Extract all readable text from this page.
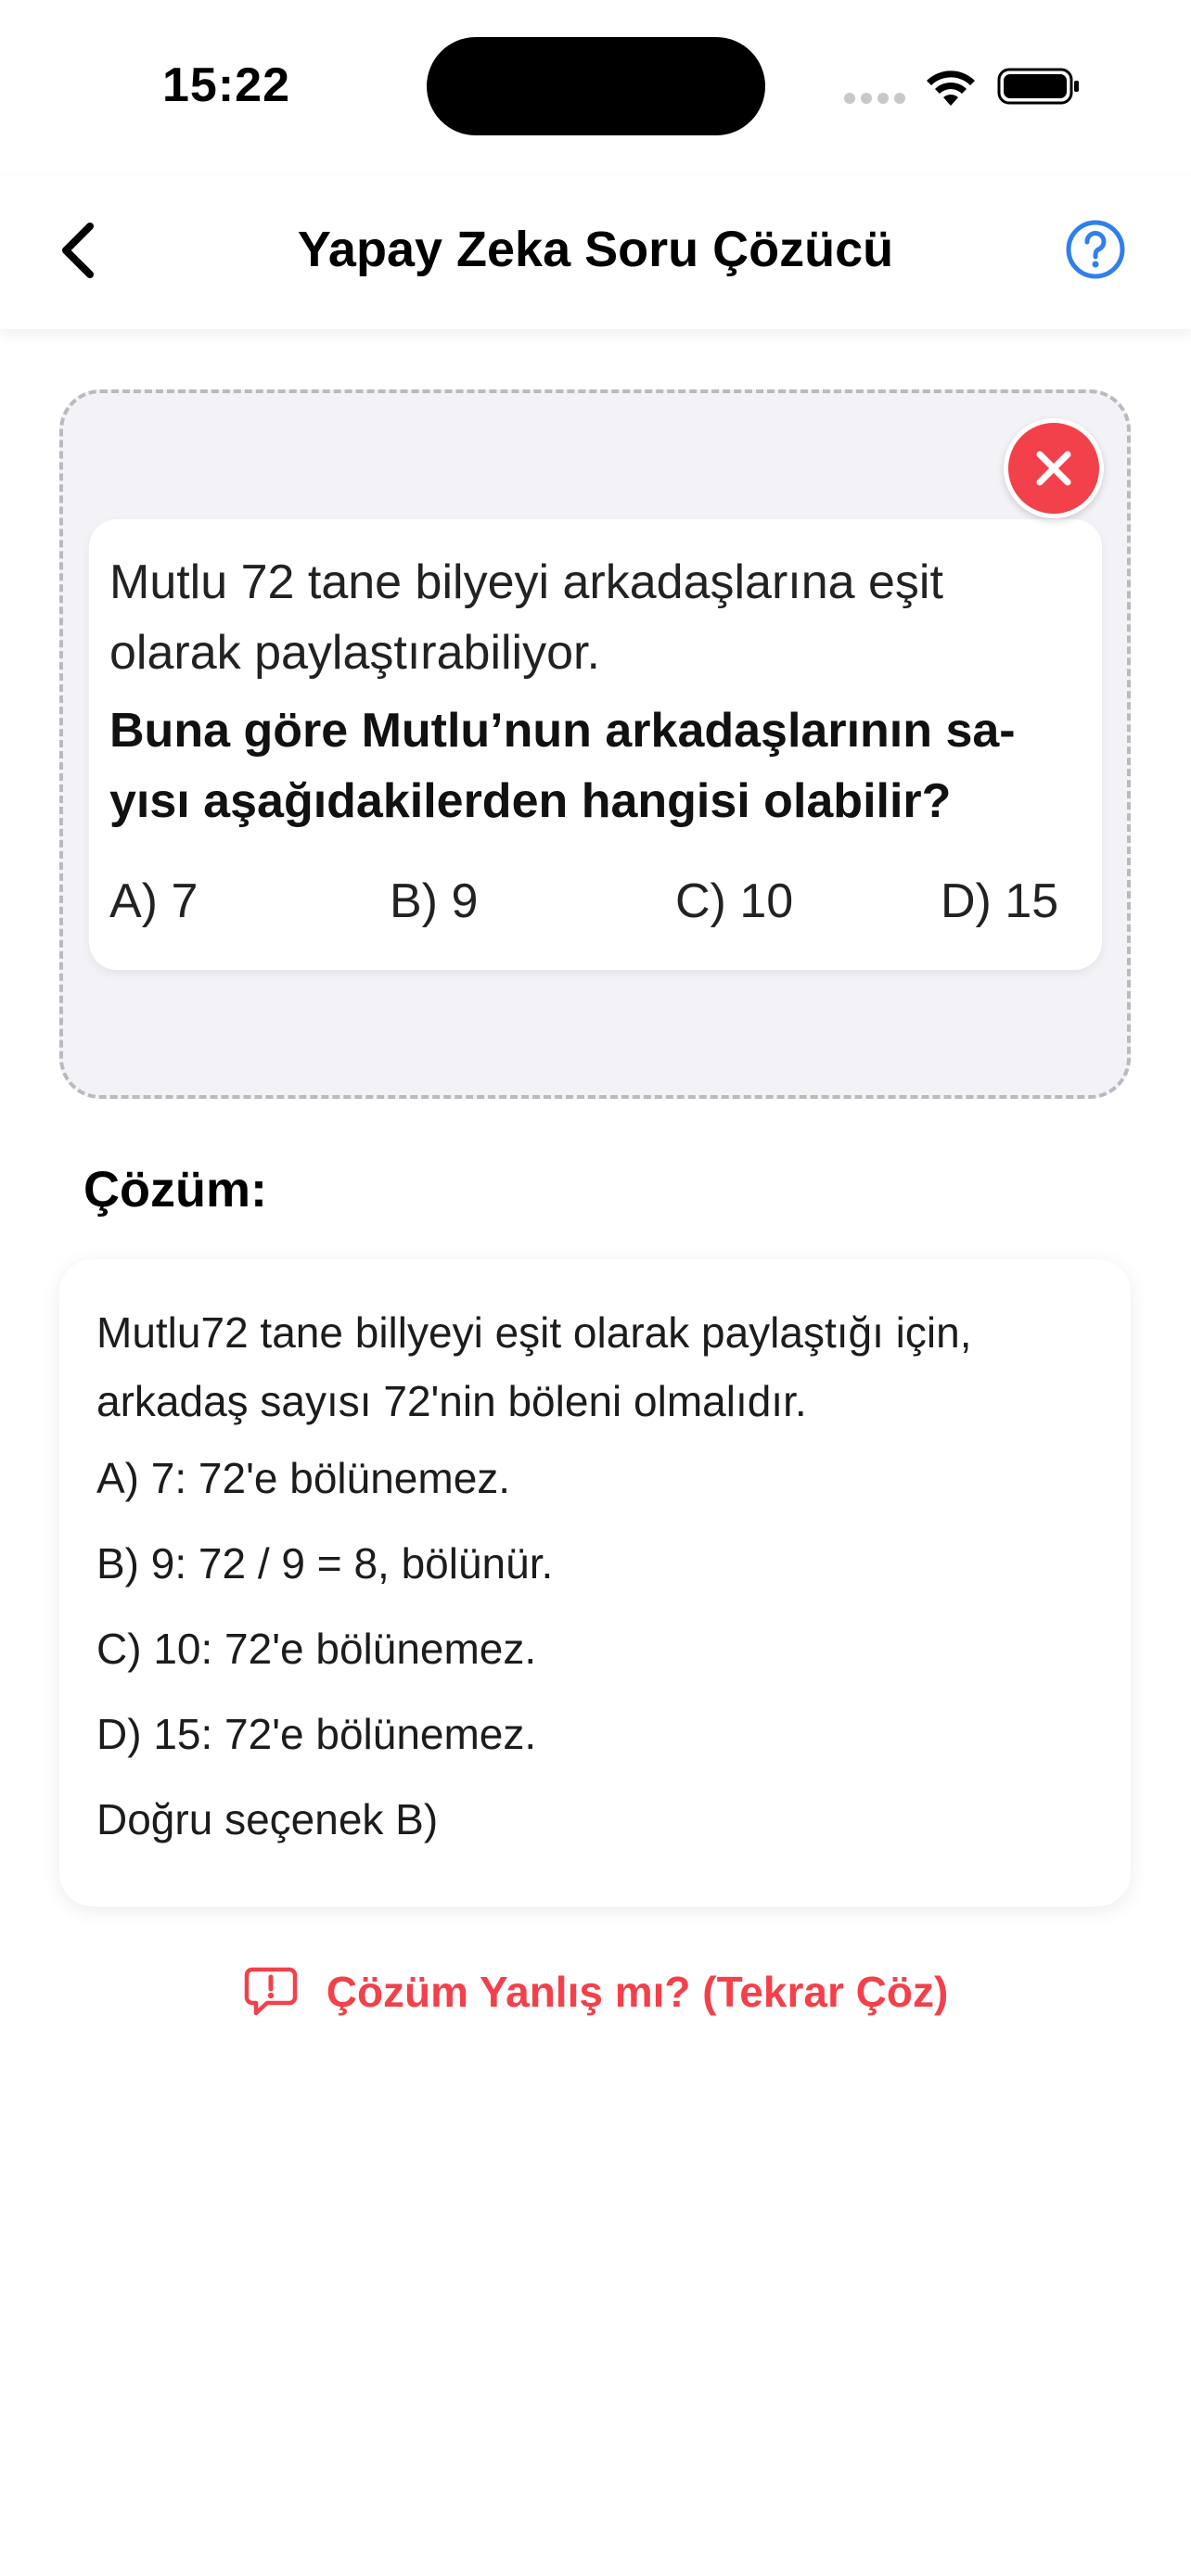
15:22
Yapay Zeka Soru Çözücü
Mutlu 72 tane bilyeyi arkadaşlarına eşit
olarak paylaştırabiliyor.
Buna göre Mutlu’nun arkadaşlarının sa-
yısı aşağıdakilerden hangisi olabilir?
A) 7	B) 9	C) 10	D) 15
Çözüm:
Mutlu72 tane billyeyi eşit olarak paylaştığı için,
arkadaş sayısı 72'nin böleni olmalıdır.
A) 7: 72'e bölünemez.
B) 9: 72 / 9 = 8, bölünür.
C) 10: 72'e bölünemez.
D) 15: 72'e bölünemez.
Doğru seçenek B)
Çözüm Yanlış mı? (Tekrar Çöz)
